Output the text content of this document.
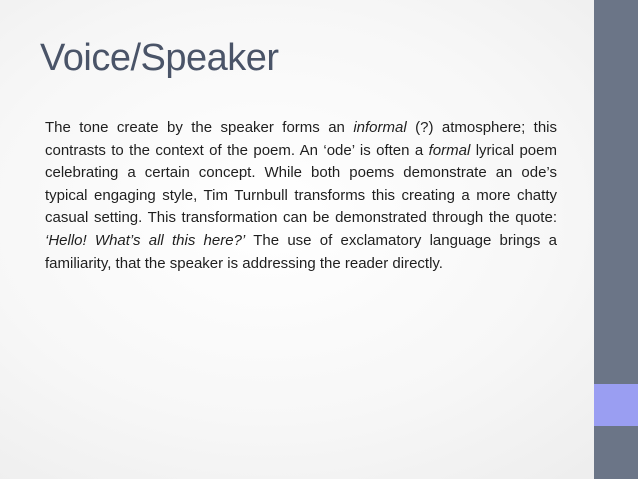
Voice/Speaker

The tone create by the speaker forms an informal (?) atmosphere; this contrasts to the context of the poem. An ‘ode’ is often a formal lyrical poem celebrating a certain concept. While both poems demonstrate an ode’s typical engaging style, Tim Turnbull transforms this creating a more chatty casual setting. This transformation can be demonstrated through the quote: ‘Hello! What’s all this here?’ The use of exclamatory language brings a familiarity, that the speaker is addressing the reader directly.
